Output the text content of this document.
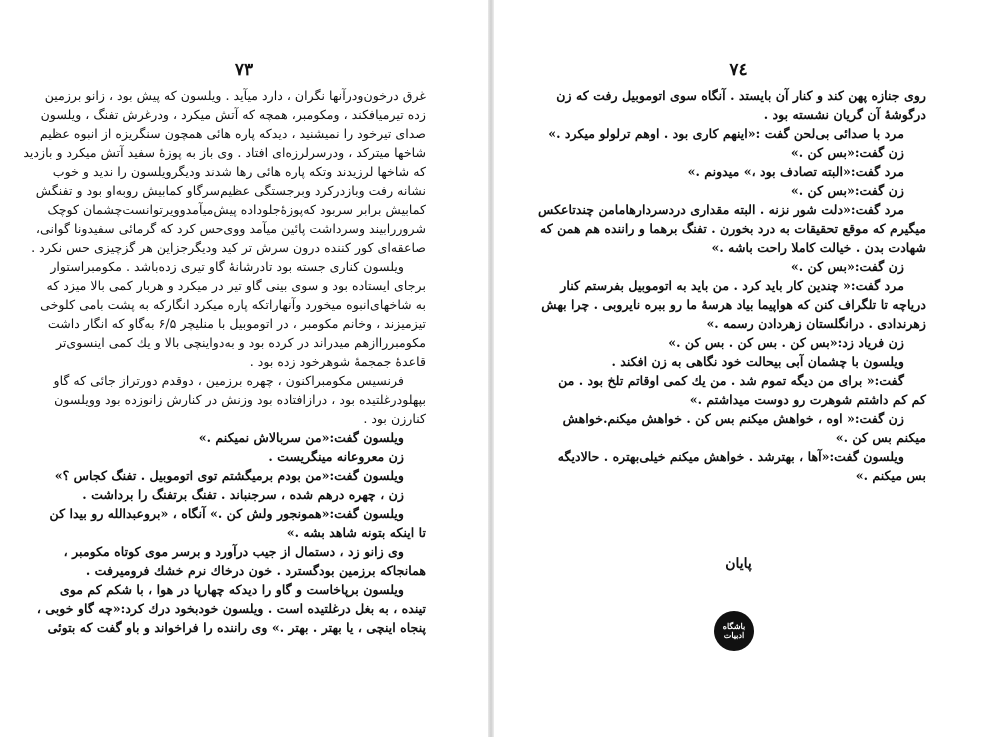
۷۳
غرق درخون‌ودرآنها نگران ، دارد میآید . ویلسون که پیش بود ، زانو برزمین
زده تیرمیافکند ، ومکومبر، همچه که آتش میکرد ، ودرغرش تفنگ ، ویلسون
صدای تیرخود را نمیشنید ، دیدکه پاره هائی همچون سنگریزه از انبوه عظیم
شاخها میترکد ، ودرسرلرزه‌ای افتاد . وی باز به پوزهٔ سفید آتش میکرد و بازدید
که شاخها لرزیدند وتکه پاره هائی رها شدند ودیگرویلسون را ندید و خوب
نشانه رفت وبازدرکرد وبرجستگی عظیم‌سرگاو کمابیش روبه‌او بود و تفنگش
کمابیش برابر سربود که‌پوزهٔ‌جلوداده پیش‌میآمدوویرتوانست‌چشمان کوچک
شروررابیند وسرداشت پائین میآمد ووی‌حس کرد که گرمائی سفیدونا گوانی،
صاعقه‌ای کور کننده درون سرش تر کید ودیگرجزاین هر گزچیزی حس نکرد .
ویلسون کناری جسته بود تادرشانهٔ گاو تیری زده‌باشد . مکومبراستوار
برجای ایستاده بود و سوی بینی گاو تیر در میکرد و هربار کمی بالا میزد که
به شاخهای‌انبوه میخورد وآنهاراتکه پاره میکرد انگارکه به پشت بامی کلوخی
تیزمیزند ، وخانم مکومبر ، در اتوموبیل با منلیچر ۶/۵ به‌گاو که انگار داشت
مکومبرراازهم میدراند در کرده بود و به‌دواینچی بالا و یك کمی اینسوی‌تر
قاعدهٔ جمجمهٔ شوهرخود زده بود .
فرنسیس مکومبراکنون ، چهره برزمین ، دوقدم دورتراز جائی که گاو
بپهلودرغلتیده بود ، درازافتاده بود وزنش در کنارش زانوزده بود وویلسون
کنارزن بود .
ویلسون گفت:«من سربالاش نمیکنم .»
زن معروعانه مینگریست .
ویلسون گفت:«من بودم برمیگشتم توی اتوموبیل . تفنگ کجاس ؟»
زن ، چهره درهم شده ، سرجنباند . تفنگ برتفنگ را برداشت .
ویلسون گفت:«همونجور ولش کن .» آنگاه ، «بروعبدالله رو بیدا کن
تا اینکه بتونه شاهد بشه .»
وی زانو زد ، دستمال از جیب درآورد و برسر موی کوتاه مکومبر ،
همانجاکه برزمین بودگسترد . خون درخاك نرم خشك فرومیرفت .
ویلسون برپاخاست و گاو را دیدکه چهارپا در هوا ، با شکم کم موی
تینده ، به بغل درغلتیده است . ویلسون خودبخود درك کرد:«چه گاو خوبی ،
پنجاه اینچی ، یا بهتر . بهتر .» وی راننده را فراخواند و باو گفت که بتوئی
۷٤
روی جنازه پهن کند و کنار آن بایستد . آنگاه سوی اتوموبیل رفت که زن
درگوشهٔ آن گریان نشسته بود .
مرد با صدائی بی‌لحن گفت :«اینهم کاری بود . اوهم ترلولو میکرد .»
زن گفت:«بس کن .»
مرد گفت:«البته تصادف بود ،» میدونم .»
زن گفت:«بس کن .»
مرد گفت:«دلت شور نزنه . البته مقداری دردسردارهامامن چندتاعکس
میگیرم که موقع تحقیقات به درد بخورن . تفنگ برهما و راننده هم همن که
شهادت بدن . خیالت کاملا راحت باشه .»
زن گفت:«بس کن .»
مرد گفت:« چندین کار باید کرد . من باید به اتوموبیل بفرستم کنار
دریاچه تا تلگراف کنن که هواپیما بیاد هرسهٔ ما رو ببره نایروبی . چرا بهش
زهرندادی . درانگلستان زهردادن رسمه .»
زن فریاد زد:«بس کن . بس کن . بس کن .»
ویلسون با چشمان آبی بیحالت خود نگاهی به زن افکند .
گفت:« برای من دیگه تموم شد . من یك کمی اوقاتم تلخ بود . من
کم کم داشتم شوهرت رو دوست میداشتم .»
زن گفت:« اوه ، خواهش میکنم بس کن . خواهش میکنم.خواهش
میکنم بس کن .»
ویلسون گفت:«آها ، بهترشد . خواهش میکنم خیلی‌بهتره . حالادیگه
بس میکنم .»
پایان
باشگاه
ادبیات
